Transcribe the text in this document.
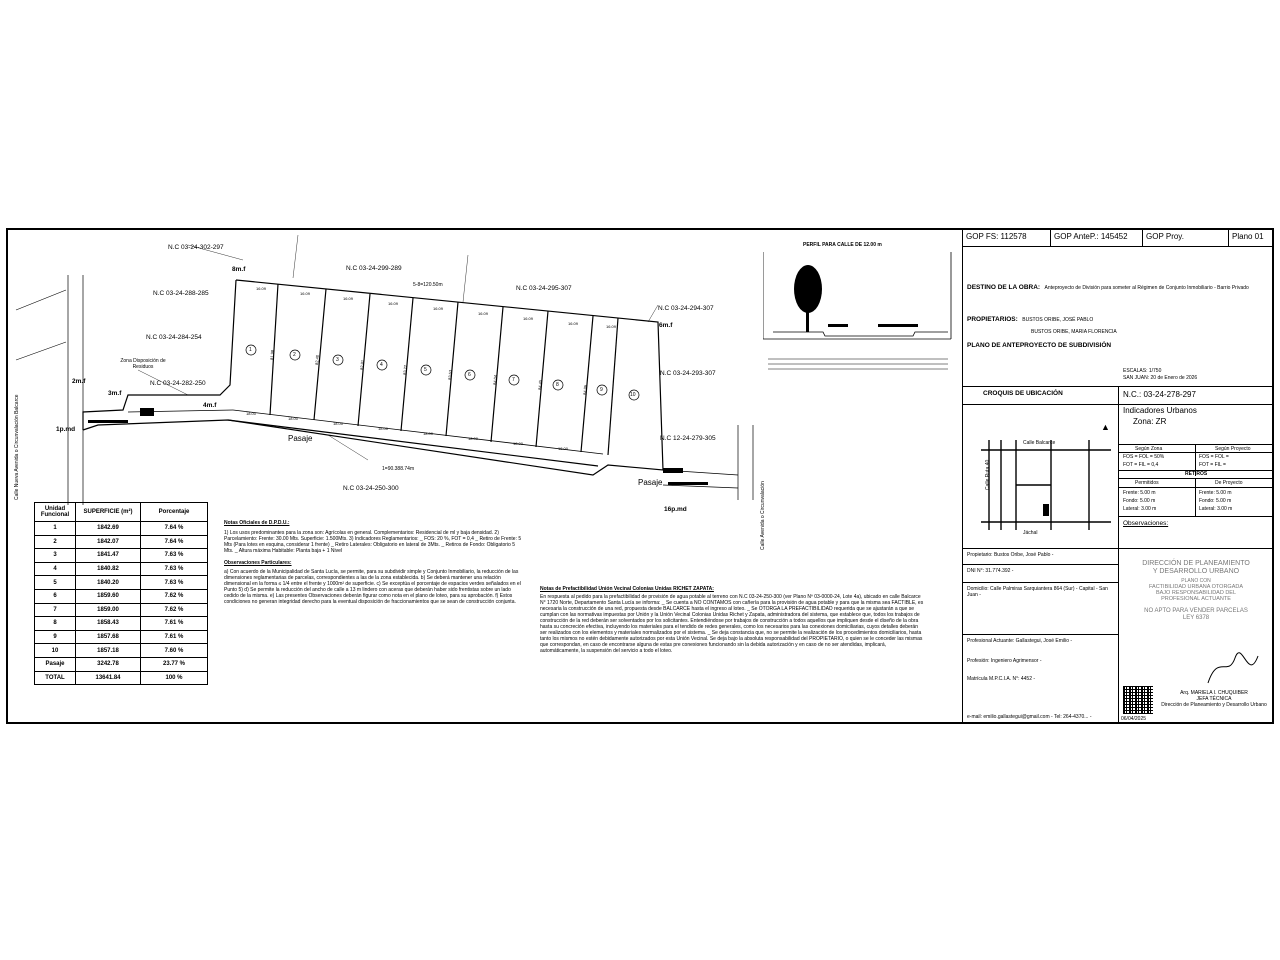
16.09
16.09
16.09
16.09
16.09
16.09
16.09
16.09
16.09
18.00
18.00
18.00
18.00
18.00
18.00
18.00
18.00
81.98	82.40	82.81	83.22	83.63	84.04	84.45	84.86
N.C 03-24-302-297
N.C 03-24-299-289
N.C 03-24-288-285
N.C 03-24-295-307
N.C 03-24-294-307
N.C 03-24-284-254
N.C 03-24-282-250
N.C 03-24-293-307
N.C 12-24-279-305
N.C 03-24-250-300
Zona Disposición de Residuos
Pasaje
Pasaje
1=90.388.74m
5-8=120.50m
8m.f
3m.f
6m.f
4m.f
2m.f
1p.md
16p.md
Calle Nueva Avenida o Circunvalación Balcarce
Calle Avenida o Circunvalación
1
2
3
4
5
6
7
8
9
10
PERFIL PARA CALLE DE 12.00 m
Unidad Funcional	SUPERFICIE (m²)	Porcentaje
1	1842.69	7.64 %
2	1842.07	7.64 %
3	1841.47	7.63 %
4	1840.82	7.63 %
5	1840.20	7.63 %
6	1859.60	7.62 %
7	1859.00	7.62 %
8	1858.43	7.61 %
9	1857.68	7.61 %
10	1857.18	7.60 %
Pasaje	3242.78	23.77 %
TOTAL	13641.84	100 %
Notas Oficiales de D.P.D.U.:
1) Los usos predominantes para la zona son: Agrícolas en general. Complementarios: Residencial de ml y baja densidad. 2) Parcelamiento: Frente: 30.00 Mts. Superficie: 1.500Mts. 3) Indicadores Reglamentarios: _ FOS: 20 %, FOT = 0,4 _ Retiro de Frente: 5 Mts (Para lotes en esquina, considerar 1 frente) _ Retiro Laterales: Obligatorio en lateral de 3Mts. _ Retiros de Fondo: Obligatorio 5 Mts. _ Altura máxima Habitable: Planta baja + 1 Nivel
Observaciones Particulares:
a) Con acuerdo de la Municipalidad de Santa Lucía, se permite, para su subdividir simple y Conjunto Inmobiliario, la reducción de las dimensiones reglamentarias de parcelas, correspondientes a las de la zona establecida. b) Se deberá mantener una relación dimensional en la forma ≤ 1/4 entre el frente y 1000m² de superficie. c) Se exceptúa el porcentaje de espacios verdes señalados en el Punto 5) d) Se permite la reducción del ancho de calle a 13 m lindero con aceras que deberán haber sido frentistas sobre un lado cedido de la misma. e) Las presentes Observaciones deberán figurar como nota en el plano de loteo, para su aprobación. f) Estos condiciones no generan integridad derecho para la eventual disposición de fraccionamientos que se sean de construcción conjunta.
Notas de Prefactibilidad Unión Vecinal Colonias Unidas RICHET ZAPATA:
En respuesta al pedido para la prefactibilidad de provisión de agua potable al terreno con N.C 03-24-250-300 (ver Plano Nº 03-0000-24, Lote 4a), ubicado en calle Balcarce N° 1720 Norte, Departamento Santa Lucía se informa: _ Se cuenta a NO CONTAMOS con cañería para la provisión de agua potable y para que la misma sea FACTIBLE, es necesaria la construcción de una red, propuesta desde BALCARCE hasta el ingreso al loteo. _ Se OTORGA LA PREFACTIBILIDAD requerida que se ajustarán a que se cumplan con las normativas impuestas por Unión y la Unión Vecinal Colonias Unidas Richet y Zapata, administradora del sistema, que establece que, todos los trabajos de construcción de la red deberán ser solventados por los solicitantes. Entendiéndose por trabajos de construcción a todos aquellos que impliquen desde el diseño de la obra hasta su concreción efectiva, incluyendo los materiales para el tendido de redes generales, como los necesarios para las conexiones domiciliarias, cuyos detalles deberán ser realizados con los elementos y materiales normalizados por el sistema. _ Se deja constancia que, no se permite la realización de los procedimientos domiciliarios, hasta tanto los mismos no estén debidamente autorizados por esta Unión Vecinal. Se deja bajo la absoluta responsabilidad del PROPIETARIO, o quien se le conceder las mismas que correspondan, en caso de encontrarse alguna de estas pre conexiones funcionando sin la debida autorización y en caso de no ser atendidas, implicará, automáticamente, la suspensión del servicio a todo el loteo.
GOP FS: 112578	GOP AnteP.: 145452	GOP Proy.	Plano 01
DESTINO DE LA OBRA: Anteproyecto de División para someter al Régimen de Conjunto Inmobiliario - Barrio Privado
PROPIETARIOS: BUSTOS ORIBE, JOSÉ PABLO
BUSTOS ORIBE, MARIA FLORENCIA
PLANO DE ANTEPROYECTO DE SUBDIVISIÓN
ESCALAS: 1/750
SAN JUAN: 20 de Enero de 2026
CROQUIS DE UBICACIÓN
Calle Balcarce
Calle Ruta 40
Jáchal
▲
N.C.: 03-24-278-297
Indicadores Urbanos
Zona: ZR
Según Zona	Según Proyecto
FOS = FOL = 50%
FOT = FIL = 0,4
FOS = FOL =
FOT = FIL =
RETIROS
Permitidos	De Proyecto
Frente: 5.00 m
Fondo: 5.00 m
Lateral: 3.00 m
Frente: 5.00 m
Fondo: 5.00 m
Lateral: 3.00 m
Observaciones:
Propietario: Bustos Oribe, José Pablo -
DNI N°: 31.774.392 -
Domicilio: Calle Palmiras Sarquiantera 864 (Sur) - Capital - San Juan -
Profesional Actuante: Gallastegui, José Emilio -
Profesión: Ingeniero Agrimensor -
Matrícula M.P.C.I.A. N°: 4452 -
e-mail: emilio.gallastegui@gmail.com - Tel: 264-4370... -
DIRECCIÓN DE PLANEAMIENTO
Y DESARROLLO URBANO
PLANO CON
FACTIBILIDAD URBANA OTORGADA
BAJO RESPONSABILIDAD DEL
PROFESIONAL ACTUANTE
NO APTO PARA VENDER PARCELAS
LEY 6378
Arq. MARIELA I. CHUQUIBER
JEFA TÉCNICA
Dirección de Planeamiento y Desarrollo Urbano
06/04/2025
